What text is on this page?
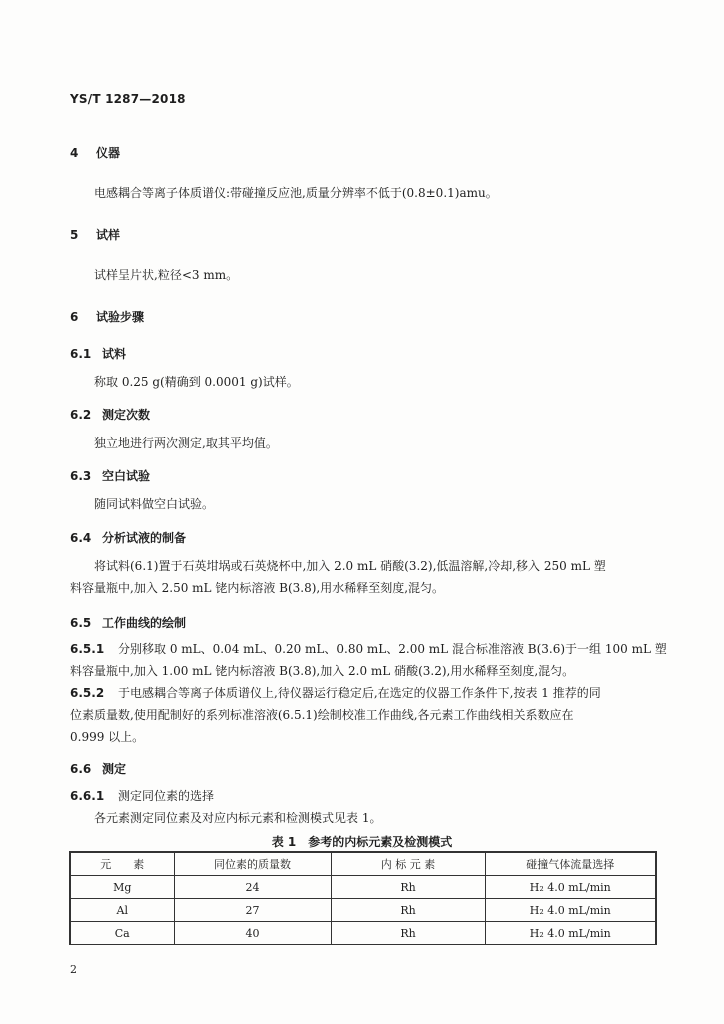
YS/T 1287—2018
4 仪器
电感耦合等离子体质谱仪:带碰撞反应池,质量分辨率不低于(0.8±0.1)amu。
5 试样
试样呈片状,粒径<3 mm。
6 试验步骤
6.1 试料
称取 0.25 g(精确到 0.0001 g)试样。
6.2 测定次数
独立地进行两次测定,取其平均值。
6.3 空白试验
随同试料做空白试验。
6.4 分析试液的制备
将试料(6.1)置于石英坩埚或石英烧杯中,加入 2.0 mL 硝酸(3.2),低温溶解,冷却,移入 250 mL 塑
料容量瓶中,加入 2.50 mL 铑内标溶液 B(3.8),用水稀释至刻度,混匀。
6.5 工作曲线的绘制
6.5.1 分别移取 0 mL、0.04 mL、0.20 mL、0.80 mL、2.00 mL 混合标准溶液 B(3.6)于一组 100 mL 塑
料容量瓶中,加入 1.00 mL 铑内标溶液 B(3.8),加入 2.0 mL 硝酸(3.2),用水稀释至刻度,混匀。
6.5.2 于电感耦合等离子体质谱仪上,待仪器运行稳定后,在选定的仪器工作条件下,按表 1 推荐的同
位素质量数,使用配制好的系列标准溶液(6.5.1)绘制校准工作曲线,各元素工作曲线相关系数应在
0.999 以上。
6.6 测定
6.6.1 测定同位素的选择
各元素测定同位素及对应内标元素和检测模式见表 1。
表 1　参考的内标元素及检测模式
元　　素	同位素的质量数	内 标 元 素	碰撞气体流量选择
Mg	24	Rh	H₂ 4.0 mL/min
Al	27	Rh	H₂ 4.0 mL/min
Ca	40	Rh	H₂ 4.0 mL/min
2
